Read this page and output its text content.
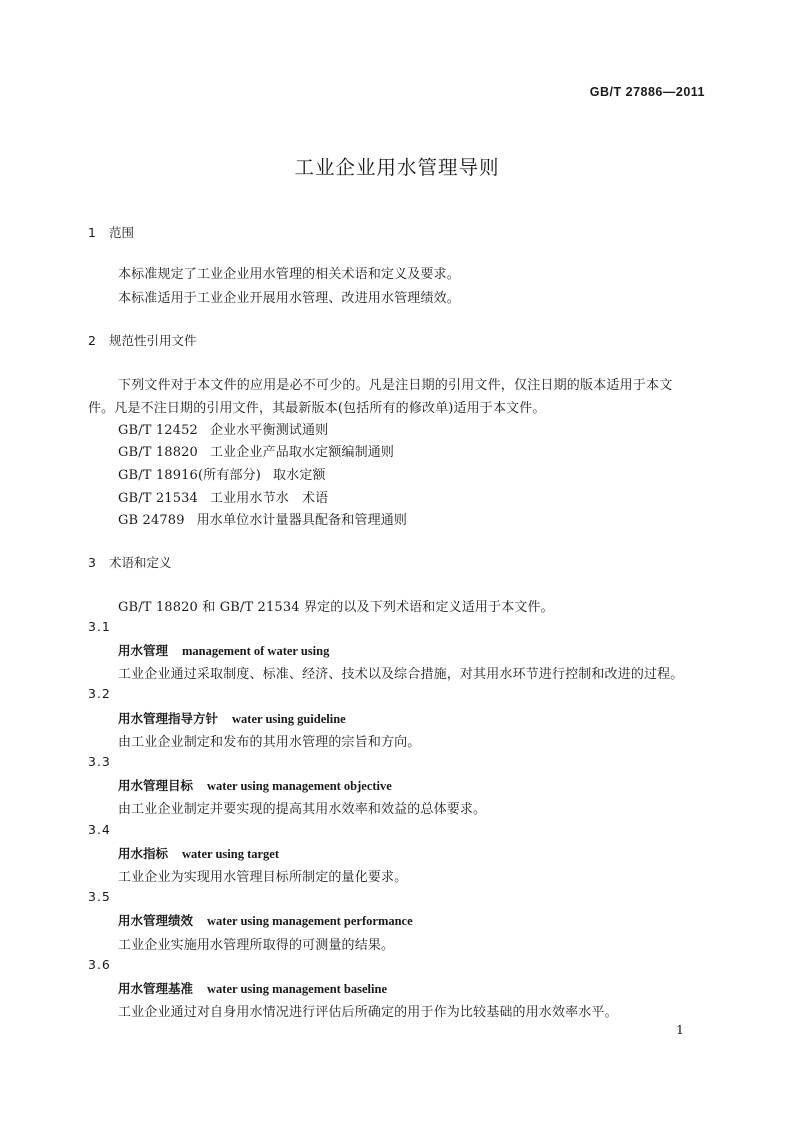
GB/T 27886—2011
工业企业用水管理导则
1 范围
本标准规定了工业企业用水管理的相关术语和定义及要求。
本标准适用于工业企业开展用水管理、改进用水管理绩效。
2 规范性引用文件
下列文件对于本文件的应用是必不可少的。凡是注日期的引用文件，仅注日期的版本适用于本文
件。凡是不注日期的引用文件，其最新版本(包括所有的修改单)适用于本文件。
GB/T 12452 企业水平衡测试通则
GB/T 18820 工业企业产品取水定额编制通则
GB/T 18916(所有部分) 取水定额
GB/T 21534 工业用水节水　术语
GB 24789 用水单位水计量器具配备和管理通则
3 术语和定义
GB/T 18820 和 GB/T 21534 界定的以及下列术语和定义适用于本文件。
3.1
用水管理 management of water using
工业企业通过采取制度、标准、经济、技术以及综合措施，对其用水环节进行控制和改进的过程。
3.2
用水管理指导方针 water using guideline
由工业企业制定和发布的其用水管理的宗旨和方向。
3.3
用水管理目标 water using management objective
由工业企业制定并要实现的提高其用水效率和效益的总体要求。
3.4
用水指标 water using target
工业企业为实现用水管理目标所制定的量化要求。
3.5
用水管理绩效 water using management performance
工业企业实施用水管理所取得的可测量的结果。
3.6
用水管理基准 water using management baseline
工业企业通过对自身用水情况进行评估后所确定的用于作为比较基础的用水效率水平。
1
